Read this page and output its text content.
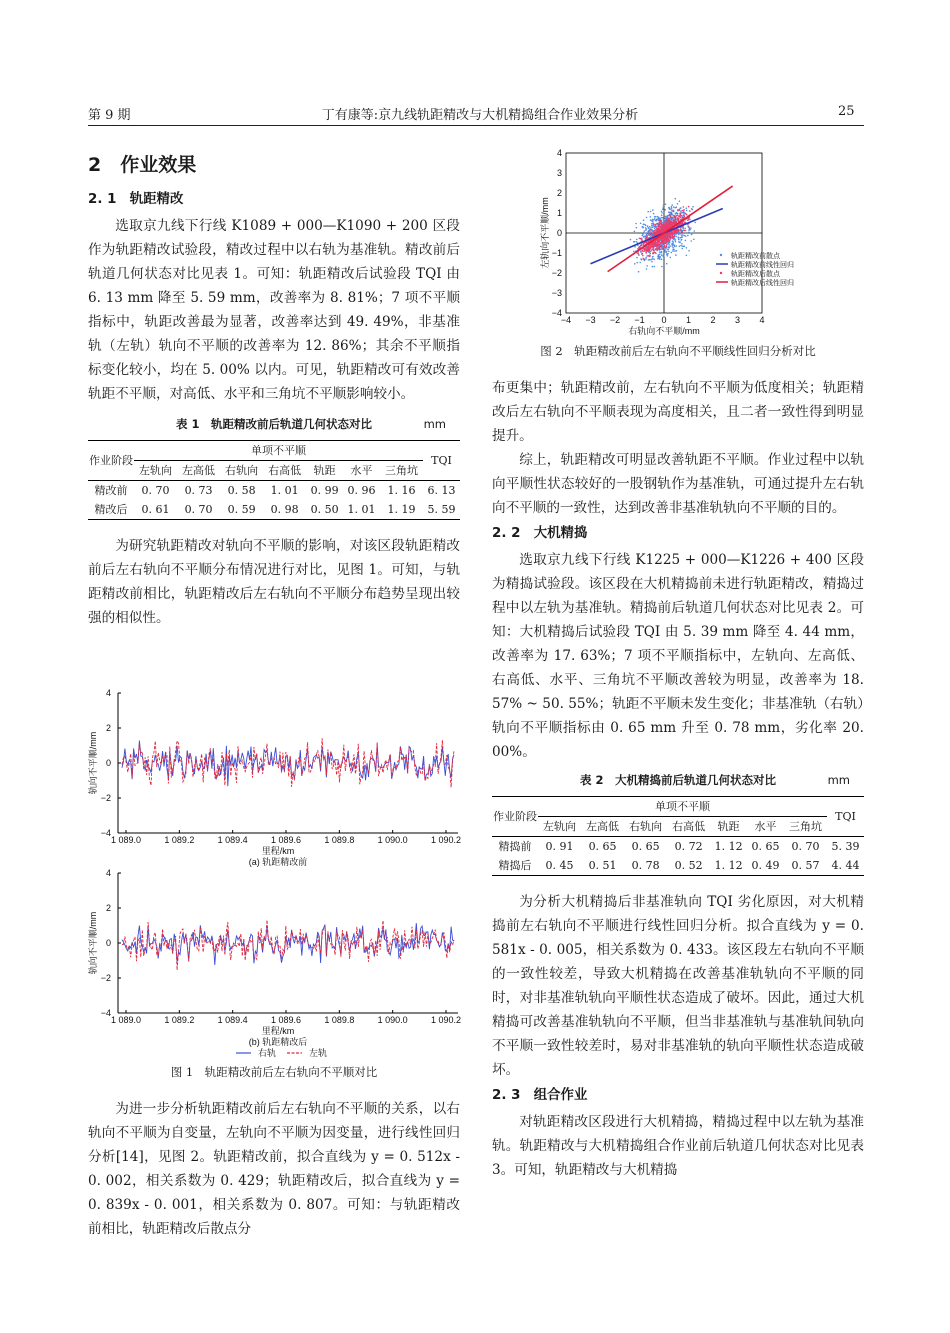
第 9 期	丁有康等:京九线轨距精改与大机精捣组合作业效果分析	25
2　作业效果
2. 1　轨距精改

选取京九线下行线 K1089 + 000—K1090 + 200 区段作为轨距精改试验段，精改过程中以右轨为基准轨。精改前后轨道几何状态对比见表 1。可知：轨距精改后试验段 TQI 由 6. 13 mm 降至 5. 59 mm，改善率为 8. 81%；7 项不平顺指标中，轨距改善最为显著，改善率达到 49. 49%，非基准轨（左轨）轨向不平顺的改善率为 12. 86%；其余不平顺指标变化较小，均在 5. 00% 以内。可见，轨距精改可有效改善轨距不平顺，对高低、水平和三角坑不平顺影响较小。

表 1　轨距精改前后轨道几何状态对比	mm
作业阶段	单项不平顺							TQI
	左轨向	左高低	右轨向	右高低	轨距	水平	三角坑	
精改前	0. 70	0. 73	0. 58	1. 01	0. 99	0. 96	1. 16	6. 13
精改后	0. 61	0. 70	0. 59	0. 98	0. 50	1. 01	1. 19	5. 59

为研究轨距精改对轨向不平顺的影响，对该区段轨距精改前后左右轨向不平顺分布情况进行对比，见图 1。可知，与轨距精改前相比，轨距精改后左右轨向不平顺分布趋势呈现出较强的相似性。

4
2
0
−2
−4
1 089.0	1 089.2	1 089.4	1 089.6	1 089.8	1 090.0	1 090.2
轨向不平顺/mm
里程/km
(a) 轨距精改前
4
2
0
−2
−4
1 089.0	1 089.2	1 089.4	1 089.6	1 089.8	1 090.0	1 090.2
轨向不平顺/mm
里程/km
(b) 轨距精改后
右轨	左轨
图 1　轨距精改前后左右轨向不平顺对比

为进一步分析轨距精改前后左右轨向不平顺的关系，以右轨向不平顺为自变量，左轨向不平顺为因变量，进行线性回归分析[14]，见图 2。轨距精改前，拟合直线为 y = 0. 512x - 0. 002，相关系数为 0. 429；轨距精改后，拟合直线为 y = 0. 839x - 0. 001，相关系数为 0. 807。可知：与轨距精改前相比，轨距精改后散点分

−4 −3 −2 −1 0 1 2 3 4
4
3
2
1
0
−1
−2
−3
−4
右轨向不平顺/mm
左轨向不平顺/mm	轨距精改前散点
轨距精改前线性回归
轨距精改后散点
轨距精改后线性回归
图 2　轨距精改前后左右轨向不平顺线性回归分析对比

布更集中；轨距精改前，左右轨向不平顺为低度相关；轨距精改后左右轨向不平顺表现为高度相关，且二者一致性得到明显提升。

综上，轨距精改可明显改善轨距不平顺。作业过程中以轨向平顺性状态较好的一股钢轨作为基准轨，可通过提升左右轨向不平顺的一致性，达到改善非基准轨轨向不平顺的目的。

2. 2　大机精捣

选取京九线下行线 K1225 + 000—K1226 + 400 区段为精捣试验段。该区段在大机精捣前未进行轨距精改，精捣过程中以左轨为基准轨。精捣前后轨道几何状态对比见表 2。可知：大机精捣后试验段 TQI 由 5. 39 mm 降至 4. 44 mm，改善率为 17. 63%；7 项不平顺指标中，左轨向、左高低、右高低、水平、三角坑不平顺改善较为明显，改善率为 18. 57% ~ 50. 55%；轨距不平顺未发生变化；非基准轨（右轨）轨向不平顺指标由 0. 65 mm 升至 0. 78 mm，劣化率 20. 00%。

表 2　大机精捣前后轨道几何状态对比	mm
作业阶段	单项不平顺							TQI
	左轨向	左高低	右轨向	右高低	轨距	水平	三角坑	
精捣前	0. 91	0. 65	0. 65	0. 72	1. 12	0. 65	0. 70	5. 39
精捣后	0. 45	0. 51	0. 78	0. 52	1. 12	0. 49	0. 57	4. 44

为分析大机精捣后非基准轨向 TQI 劣化原因，对大机精捣前左右轨向不平顺进行线性回归分析。拟合直线为 y = 0. 581x - 0. 005，相关系数为 0. 433。该区段左右轨向不平顺的一致性较差，导致大机精捣在改善基准轨轨向不平顺的同时，对非基准轨轨向平顺性状态造成了破坏。因此，通过大机精捣可改善基准轨轨向不平顺，但当非基准轨与基准轨间轨向不平顺一致性较差时，易对非基准轨的轨向平顺性状态造成破坏。

2. 3　组合作业

对轨距精改区段进行大机精捣，精捣过程中以左轨为基准轨。轨距精改与大机精捣组合作业前后轨道几何状态对比见表 3。可知，轨距精改与大机精捣
